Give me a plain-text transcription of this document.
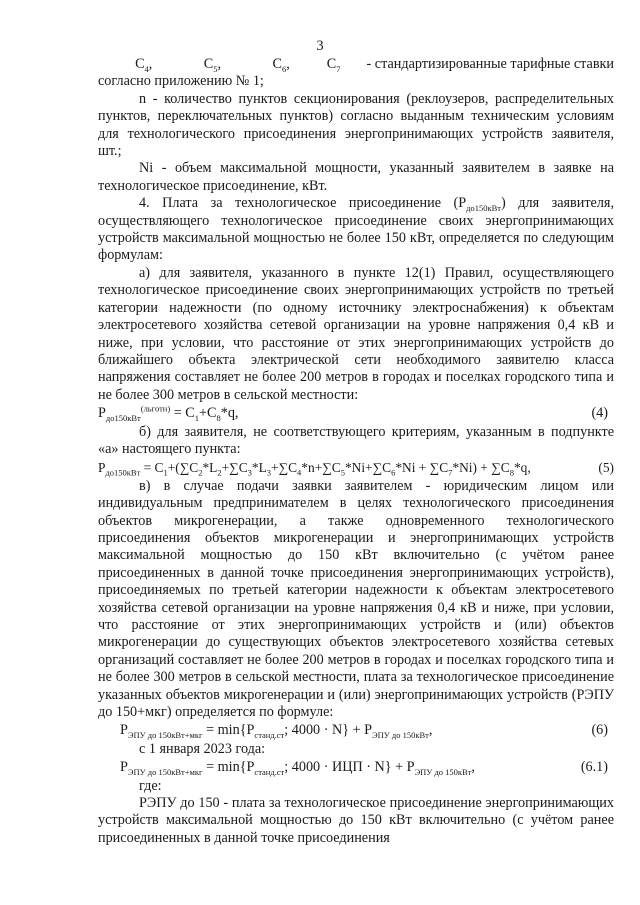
3
$C_4$,	$C_5$,	$C_6$,	$C_7$	- стандартизированные тарифные ставки

согласно приложению № 1;

n - количество пунктов секционирования (реклоузеров, распределительных пунктов, переключательных пунктов) согласно выданным техническим условиям для технологического присоединения энергопринимающих устройств заявителя, шт.;

Ni - объем максимальной мощности, указанный заявителем в заявке на технологическое присоединение, кВт.

4. Плата за технологическое присоединение $(P_{до150кВт})$ для заявителя, осуществляющего технологическое присоединение своих энергопринимающих устройств максимальной мощностью не более 150 кВт, определяется по следующим формулам:

а) для заявителя, указанного в пункте 12(1) Правил, осуществляющего технологическое присоединение своих энергопринимающих устройств по третьей категории надежности (по одному источнику электроснабжения) к объектам электросетевого хозяйства сетевой организации на уровне напряжения 0,4 кВ и ниже, при условии, что расстояние от этих энергопринимающих устройств до ближайшего объекта электрической сети необходимого заявителю класса напряжения составляет не более 200 метров в городах и поселках городского типа и не более 300 метров в сельской местности:

$P_{до150кВт}^{(льготн)} = C_1+C_8*q$,	(4)

б) для заявителя, не соответствующего критериям, указанным в подпункте «а» настоящего пункта:

$P_{до150кВт} = C_1+(\sum C_2*L_2+\sum C_3*L_3+\sum C_4*n+\sum C_5*Ni+\sum C_6*Ni + \sum C_7*Ni) + \sum C_8*q$,	(5)

в) в случае подачи заявки заявителем - юридическим лицом или индивидуальным предпринимателем в целях технологического присоединения объектов микрогенерации, а также одновременного технологического присоединения объектов микрогенерации и энергопринимающих устройств максимальной мощностью до 150 кВт включительно (с учётом ранее присоединенных в данной точке присоединения энергопринимающих устройств), присоединяемых по третьей категории надежности к объектам электросетевого хозяйства сетевой организации на уровне напряжения 0,4 кВ и ниже, при условии, что расстояние от этих энергопринимающих устройств и (или) объектов микрогенерации до существующих объектов электросетевого хозяйства сетевых организаций составляет не более 200 метров в городах и поселках городского типа и не более 300 метров в сельской местности, плата за технологическое присоединение указанных объектов микрогенерации и (или) энергопринимающих устройств (РЭПУ до 150+мкг) определяется по формуле:

$P_{ЭПУ до 150кВт+мкг} = \min\{P_{станд.ст}$; $4000 \cdot N\} + P_{ЭПУ до 150кВт}$,	(6)

с 1 января 2023 года:

$P_{ЭПУ до 150кВт+мкг} = \min\{P_{станд.ст}$; 4000 · ИЦП · $N\} + P_{ЭПУ до 150кВт}$,	(6.1)

где:

РЭПУ до 150 - плата за технологическое присоединение энергопринимающих устройств максимальной мощностью до 150 кВт включительно (с учётом ранее присоединенных в данной точке присоединения
